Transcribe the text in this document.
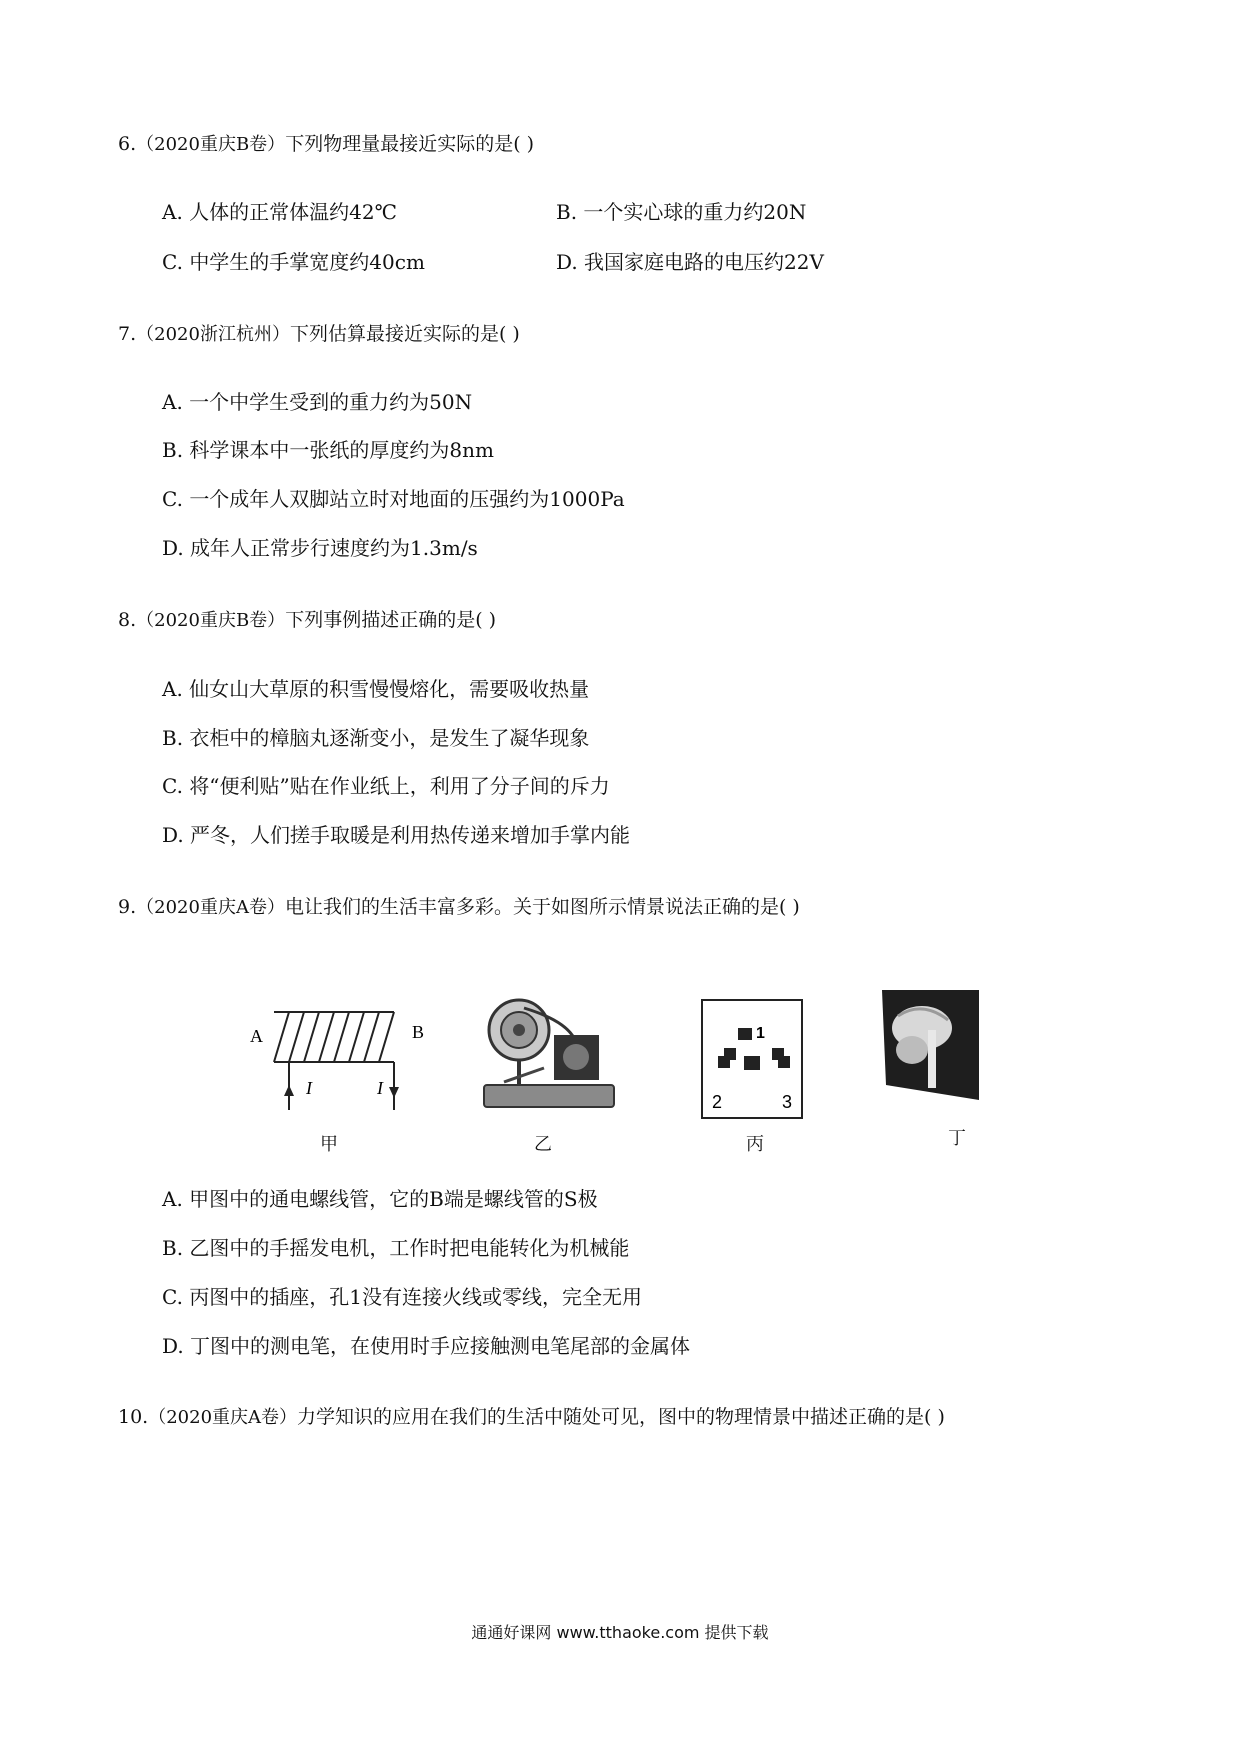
6.（2020重庆B卷）下列物理量最接近实际的是( )
A. 人体的正常体温约42℃	B. 一个实心球的重力约20N
C. 中学生的手掌宽度约40cm	D. 我国家庭电路的电压约22V
7.（2020浙江杭州）下列估算最接近实际的是( )
A. 一个中学生受到的重力约为50N
B. 科学课本中一张纸的厚度约为8nm
C. 一个成年人双脚站立时对地面的压强约为1000Pa
D. 成年人正常步行速度约为1.3m/s
8.（2020重庆B卷）下列事例描述正确的是( )
A. 仙女山大草原的积雪慢慢熔化，需要吸收热量
B. 衣柜中的樟脑丸逐渐变小，是发生了凝华现象
C. 将“便利贴”贴在作业纸上，利用了分子间的斥力
D. 严冬，人们搓手取暖是利用热传递来增加手掌内能
9.（2020重庆A卷）电让我们的生活丰富多彩。关于如图所示情景说法正确的是( )
A	B
I	I
1
2	3
甲	乙	丙	丁
A. 甲图中的通电螺线管，它的B端是螺线管的S极
B. 乙图中的手摇发电机，工作时把电能转化为机械能
C. 丙图中的插座，孔1没有连接火线或零线，完全无用
D. 丁图中的测电笔，在使用时手应接触测电笔尾部的金属体
10.（2020重庆A卷）力学知识的应用在我们的生活中随处可见，图中的物理情景中描述正确的是( )
通通好课网 www.tthaoke.com 提供下载
